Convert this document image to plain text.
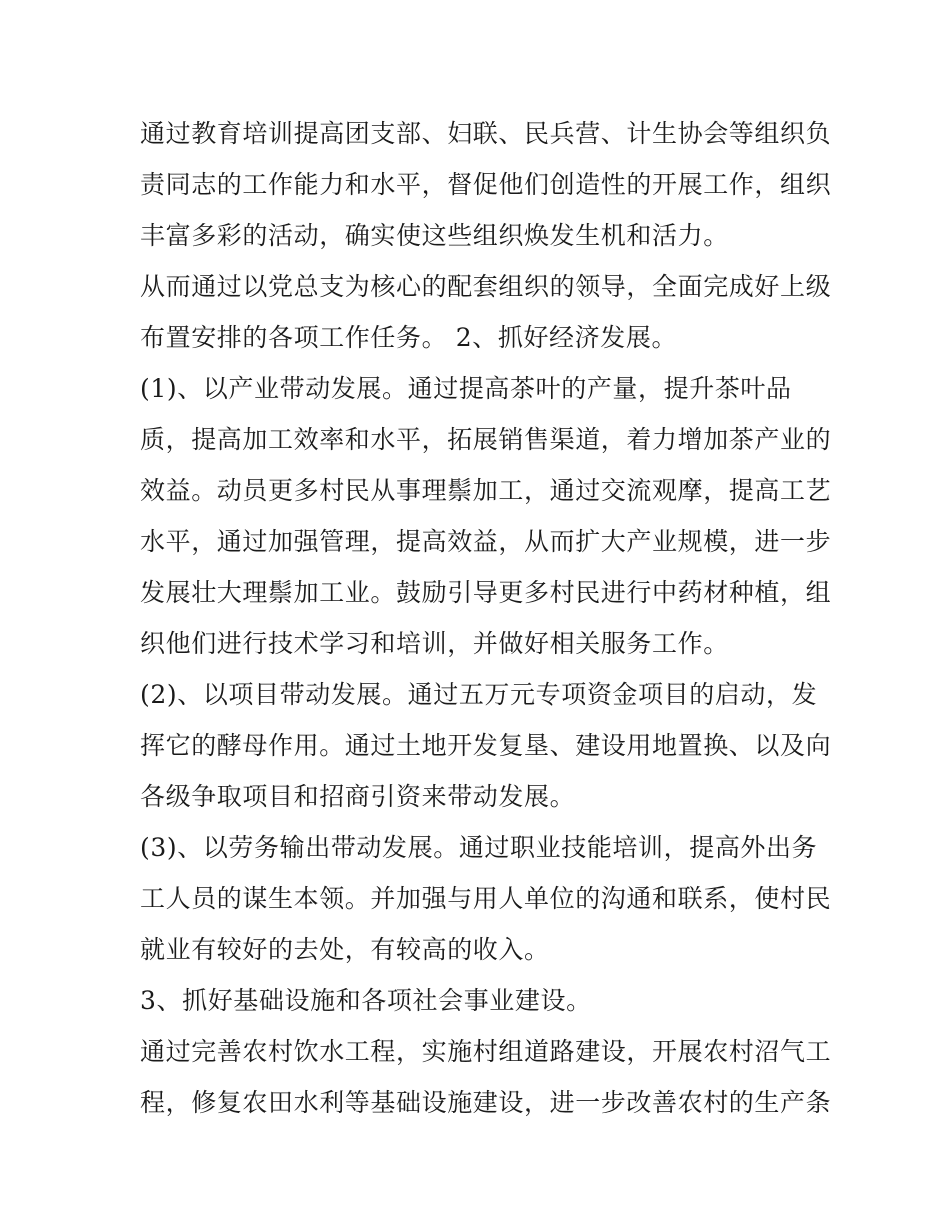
通过教育培训提高团支部、妇联、民兵营、计生协会等组织负
责同志的工作能力和水平，督促他们创造性的开展工作，组织
丰富多彩的活动，确实使这些组织焕发生机和活力。
从而通过以党总支为核心的配套组织的领导，全面完成好上级
布置安排的各项工作任务。 2、抓好经济发展。
(1)、以产业带动发展。通过提高茶叶的产量，提升茶叶品
质，提高加工效率和水平，拓展销售渠道，着力增加茶产业的
效益。动员更多村民从事理鬃加工，通过交流观摩，提高工艺
水平，通过加强管理，提高效益，从而扩大产业规模，进一步
发展壮大理鬃加工业。鼓励引导更多村民进行中药材种植，组
织他们进行技术学习和培训，并做好相关服务工作。
(2)、以项目带动发展。通过五万元专项资金项目的启动，发
挥它的酵母作用。通过土地开发复垦、建设用地置换、以及向
各级争取项目和招商引资来带动发展。
(3)、以劳务输出带动发展。通过职业技能培训，提高外出务
工人员的谋生本领。并加强与用人单位的沟通和联系，使村民
就业有较好的去处，有较高的收入。
3、抓好基础设施和各项社会事业建设。
通过完善农村饮水工程，实施村组道路建设，开展农村沼气工
程，修复农田水利等基础设施建设，进一步改善农村的生产条
